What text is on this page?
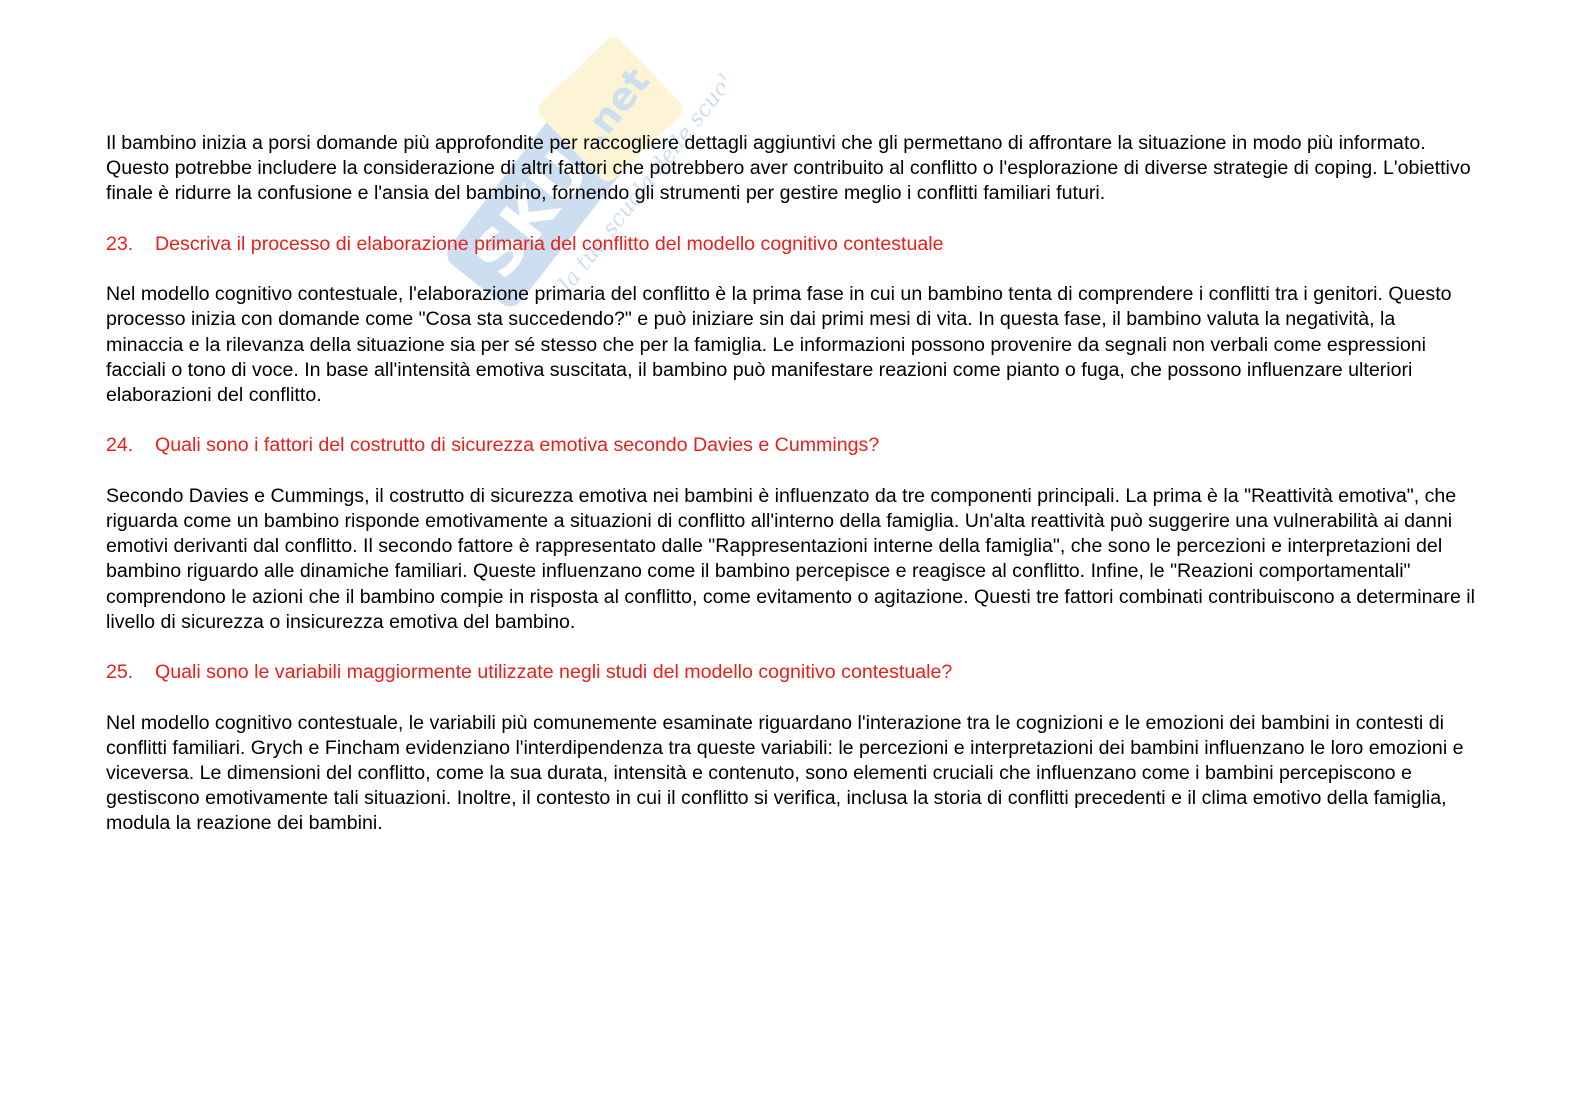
SKU
.net
la tua scuola delle scuole

Il bambino inizia a porsi domande più approfondite per raccogliere dettagli aggiuntivi che gli permettano di affrontare la situazione in modo più informato. Questo potrebbe includere la considerazione di altri fattori che potrebbero aver contribuito al conflitto o l'esplorazione di diverse strategie di coping. L'obiettivo finale è ridurre la confusione e l'ansia del bambino, fornendo gli strumenti per gestire meglio i conflitti familiari futuri.

23.	Descriva il processo di elaborazione primaria del conflitto del modello cognitivo contestuale

Nel modello cognitivo contestuale, l'elaborazione primaria del conflitto è la prima fase in cui un bambino tenta di comprendere i conflitti tra i genitori. Questo processo inizia con domande come "Cosa sta succedendo?" e può iniziare sin dai primi mesi di vita. In questa fase, il bambino valuta la negatività, la minaccia e la rilevanza della situazione sia per sé stesso che per la famiglia. Le informazioni possono provenire da segnali non verbali come espressioni facciali o tono di voce. In base all'intensità emotiva suscitata, il bambino può manifestare reazioni come pianto o fuga, che possono influenzare ulteriori elaborazioni del conflitto.

24.	Quali sono i fattori del costrutto di sicurezza emotiva secondo Davies e Cummings?

Secondo Davies e Cummings, il costrutto di sicurezza emotiva nei bambini è influenzato da tre componenti principali. La prima è la "Reattività emotiva", che riguarda come un bambino risponde emotivamente a situazioni di conflitto all'interno della famiglia. Un'alta reattività può suggerire una vulnerabilità ai danni emotivi derivanti dal conflitto. Il secondo fattore è rappresentato dalle "Rappresentazioni interne della famiglia", che sono le percezioni e interpretazioni del bambino riguardo alle dinamiche familiari. Queste influenzano come il bambino percepisce e reagisce al conflitto. Infine, le "Reazioni comportamentali" comprendono le azioni che il bambino compie in risposta al conflitto, come evitamento o agitazione. Questi tre fattori combinati contribuiscono a determinare il livello di sicurezza o insicurezza emotiva del bambino.

25.	Quali sono le variabili maggiormente utilizzate negli studi del modello cognitivo contestuale?

Nel modello cognitivo contestuale, le variabili più comunemente esaminate riguardano l'interazione tra le cognizioni e le emozioni dei bambini in contesti di conflitti familiari. Grych e Fincham evidenziano l'interdipendenza tra queste variabili: le percezioni e interpretazioni dei bambini influenzano le loro emozioni e viceversa. Le dimensioni del conflitto, come la sua durata, intensità e contenuto, sono elementi cruciali che influenzano come i bambini percepiscono e gestiscono emotivamente tali situazioni. Inoltre, il contesto in cui il conflitto si verifica, inclusa la storia di conflitti precedenti e il clima emotivo della famiglia, modula la reazione dei bambini.
